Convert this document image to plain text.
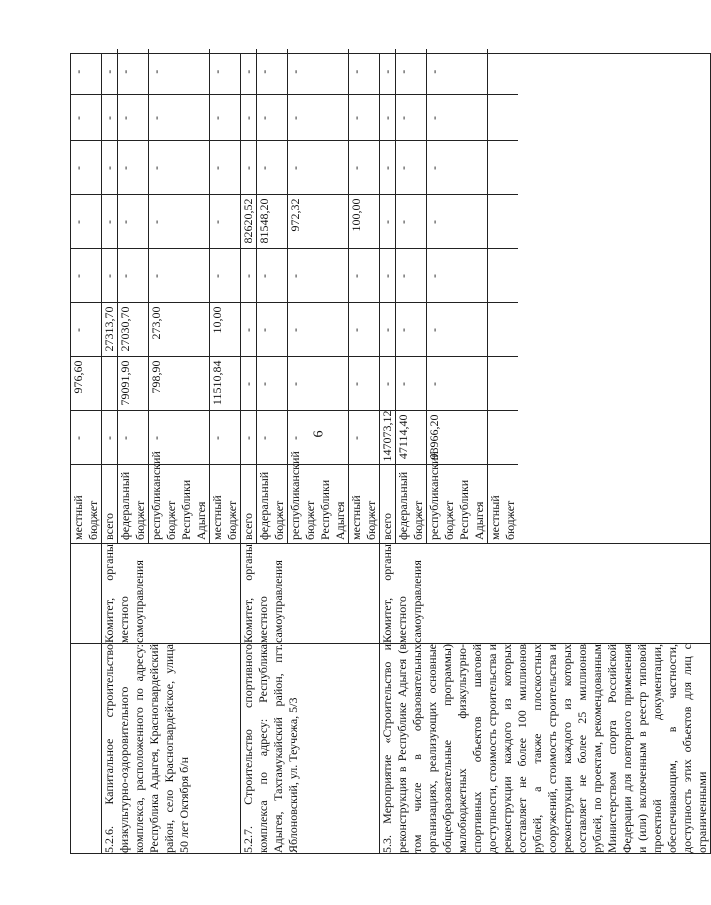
6

местный бюджет	-	976,60	-	-	-	-	-	-

5.2.6. Капитальное строительство физкультурно-оздоровительного комплекса, расположенного по адресу: Республика Адыгея, Красногвардейский район, село Красногвардейское, улица 50 лет Октября б/н	Комитет, органы местного самоуправления	
всего	-		27313,70	-	-	-	-	-
федеральный бюджет	-	79091,90	27030,70	-	-	-	-	-
республиканский бюджет Республики Адыгея	-	798,90	273,00	-	-	-	-	-
местный бюджет	-	11510,84	10,00	-	-	-	-	-

5.2.7. Строительство спортивного комплекса по адресу: Республика Адыгея, Тахтамукайский район, пгт. Яблоновский, ул. Теучежа, 5/3	Комитет, органы местного самоуправления	
всего	-	-	-	-	82620,52	-	-	-
федеральный бюджет	-	-	-	-	81548,20	-	-	-
республиканский бюджет Республики Адыгея	-	-	-	-	972,32	-	-	-
местный бюджет	-	-	-	-	100,00	-	-	-

5.3. Мероприятие «Строительство и реконструкция в Республике Адыгея (в том числе в образовательных организациях, реализующих основные общеобразовательные программы) малобюджетных физкультурно-спортивных объектов шаговой доступности, стоимость строительства и реконструкции каждого из которых составляет не более 100 миллионов рублей, а также плоскостных сооружений, стоимость строительства и реконструкции каждого из которых составляет не более 25 миллионов рублей, по проектам, рекомендованным Министерством спорта Российской Федерации для повторного применения и (или) включенным в реестр типовой проектной документации, обеспечивающим, в частности, доступность этих объектов для лиц с ограниченными	Комитет, органы местного самоуправления	
всего	147073,12	-	-	-	-	-	-	-
федеральный бюджет	47114,40	-	-	-	-	-	-	-
республиканский бюджет Республики Адыгея	93966,20	-	-	-	-	-	-	-
местный бюджет								
